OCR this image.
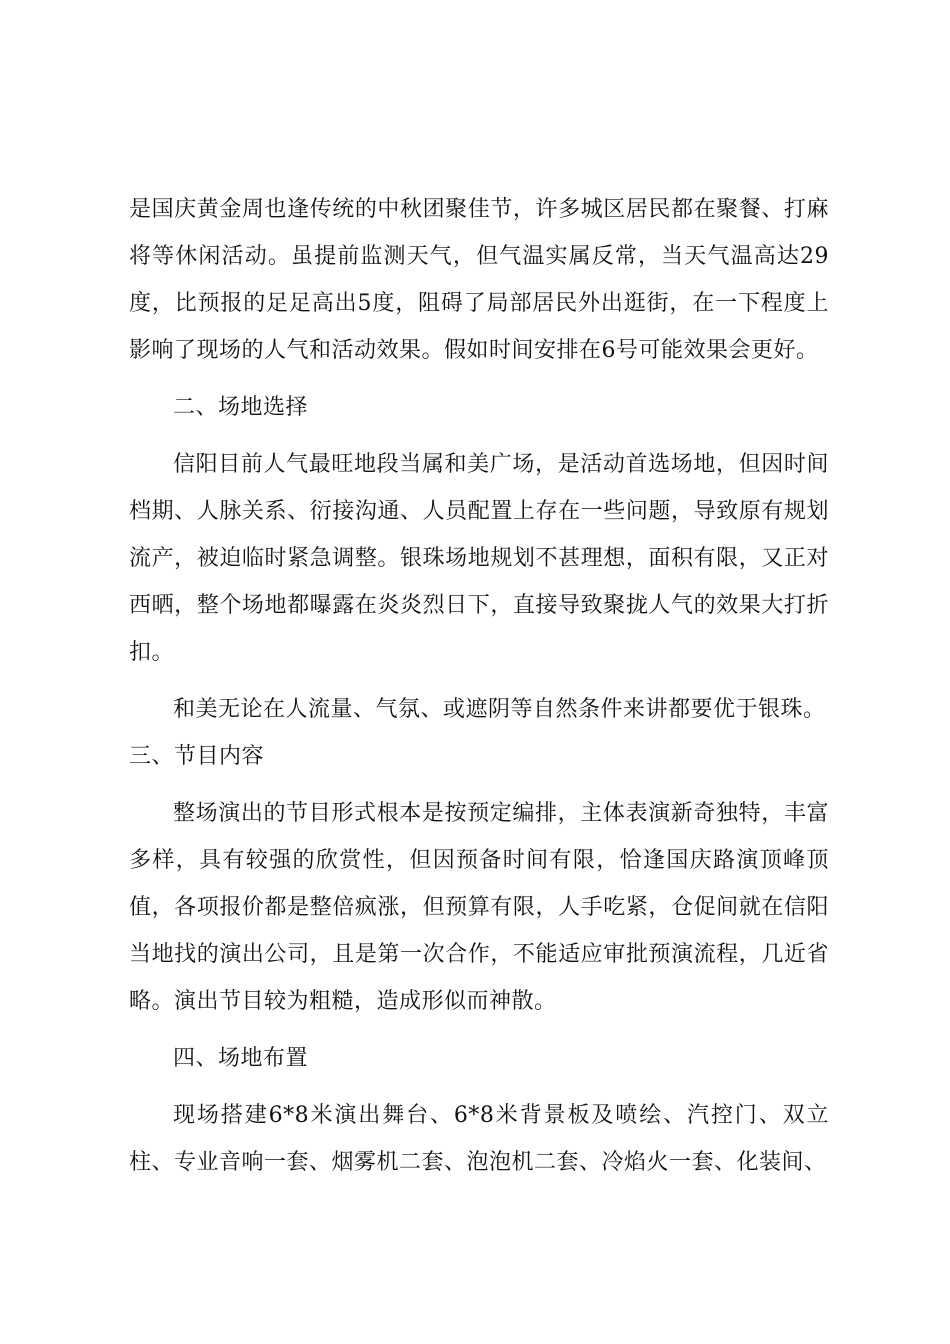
是国庆黄金周也逢传统的中秋团聚佳节，许多城区居民都在聚餐、打麻将等休闲活动。虽提前监测天气，但气温实属反常，当天气温高达29度，比预报的足足高出5度，阻碍了局部居民外出逛街，在一下程度上影响了现场的人气和活动效果。假如时间安排在6号可能效果会更好。

二、场地选择

信阳目前人气最旺地段当属和美广场，是活动首选场地，但因时间档期、人脉关系、衍接沟通、人员配置上存在一些问题，导致原有规划流产，被迫临时紧急调整。银珠场地规划不甚理想，面积有限，又正对西晒，整个场地都曝露在炎炎烈日下，直接导致聚拢人气的效果大打折扣。

和美无论在人流量、气氛、或遮阴等自然条件来讲都要优于银珠。

三、节目内容

整场演出的节目形式根本是按预定编排，主体表演新奇独特，丰富多样，具有较强的欣赏性，但因预备时间有限，恰逢国庆路演顶峰顶值，各项报价都是整倍疯涨，但预算有限，人手吃紧，仓促间就在信阳当地找的演出公司，且是第一次合作，不能适应审批预演流程，几近省略。演出节目较为粗糙，造成形似而神散。

四、场地布置

现场搭建6*8米演出舞台、6*8米背景板及喷绘、汽控门、双立柱、专业音响一套、烟雾机二套、泡泡机二套、冷焰火一套、化装间、
